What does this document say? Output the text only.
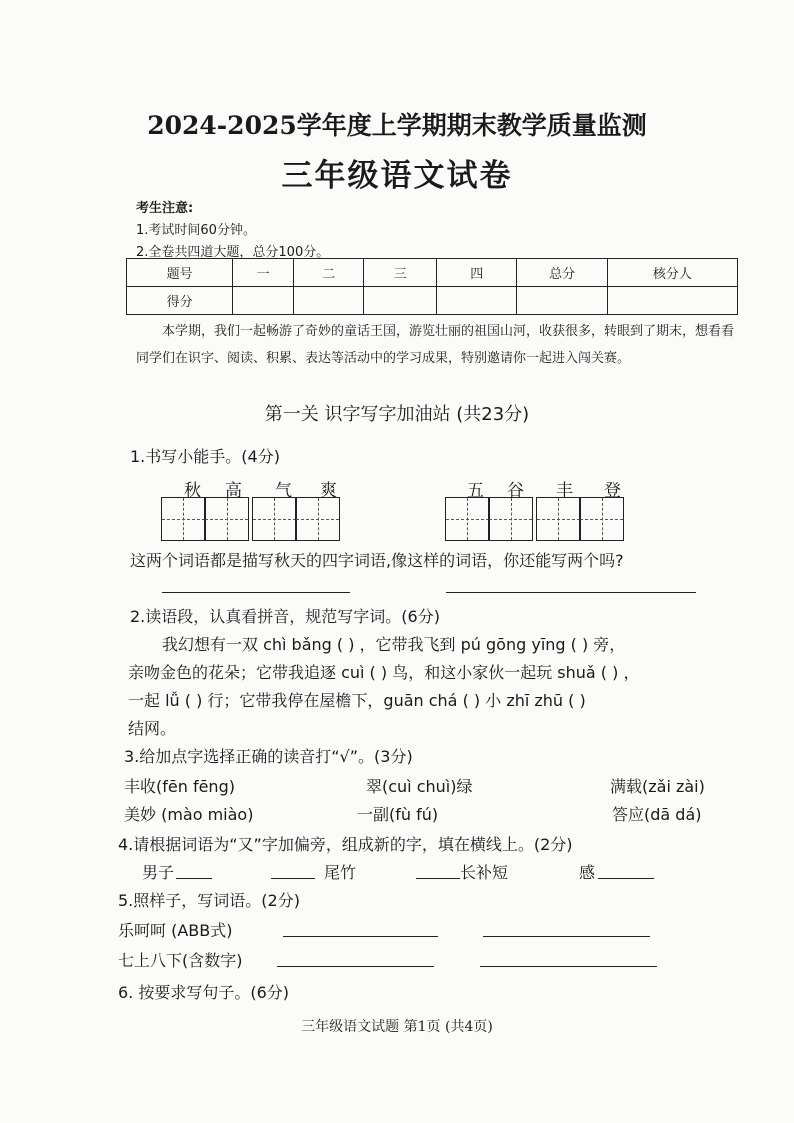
2024-2025学年度上学期期末教学质量监测
三年级语文试卷
考生注意:
1.考试时间60分钟。
2.全卷共四道大题，总分100分。
题号	一	二	三	四	总分	核分人
得分						

本学期，我们一起畅游了奇妙的童话王国，游览壮丽的祖国山河，收获很多，转眼到了期末，想看看同学们在识字、阅读、积累、表达等活动中的学习成果，特别邀请你一起进入闯关赛。

第一关 识字写字加油站 (共23分)
1.书写小能手。(4分)
秋 高 气 爽	五 谷 丰 登
这两个词语都是描写秋天的四字词语,像这样的词语，你还能写两个吗?
2.读语段，认真看拼音，规范写字词。(6分)
我幻想有一双 chì bǎng ( ) ，它带我飞到 pú gōng yīng ( ) 旁，
亲吻金色的花朵；它带我追逐 cuì ( ) 鸟，和这小家伙一起玩 shuǎ ( ) ，
一起 lǚ ( ) 行；它带我停在屋檐下，guān chá ( ) 小 zhī zhū ( )
结网。
3.给加点字选择正确的读音打“√”。(3分)
丰收(fēn fēng)	翠(cuì chuì)绿	满载(zǎi zài)
美妙 (mào miào)	一副(fù fú)	答应(dā dá)
4.请根据词语为“又”字加偏旁，组成新的字，填在横线上。(2分)
男子	尾竹	长补短	感
5.照样子，写词语。(2分)
乐呵呵 (ABB式)
七上八下(含数字)
6. 按要求写句子。(6分)
三年级语文试题 第1页 (共4页)
